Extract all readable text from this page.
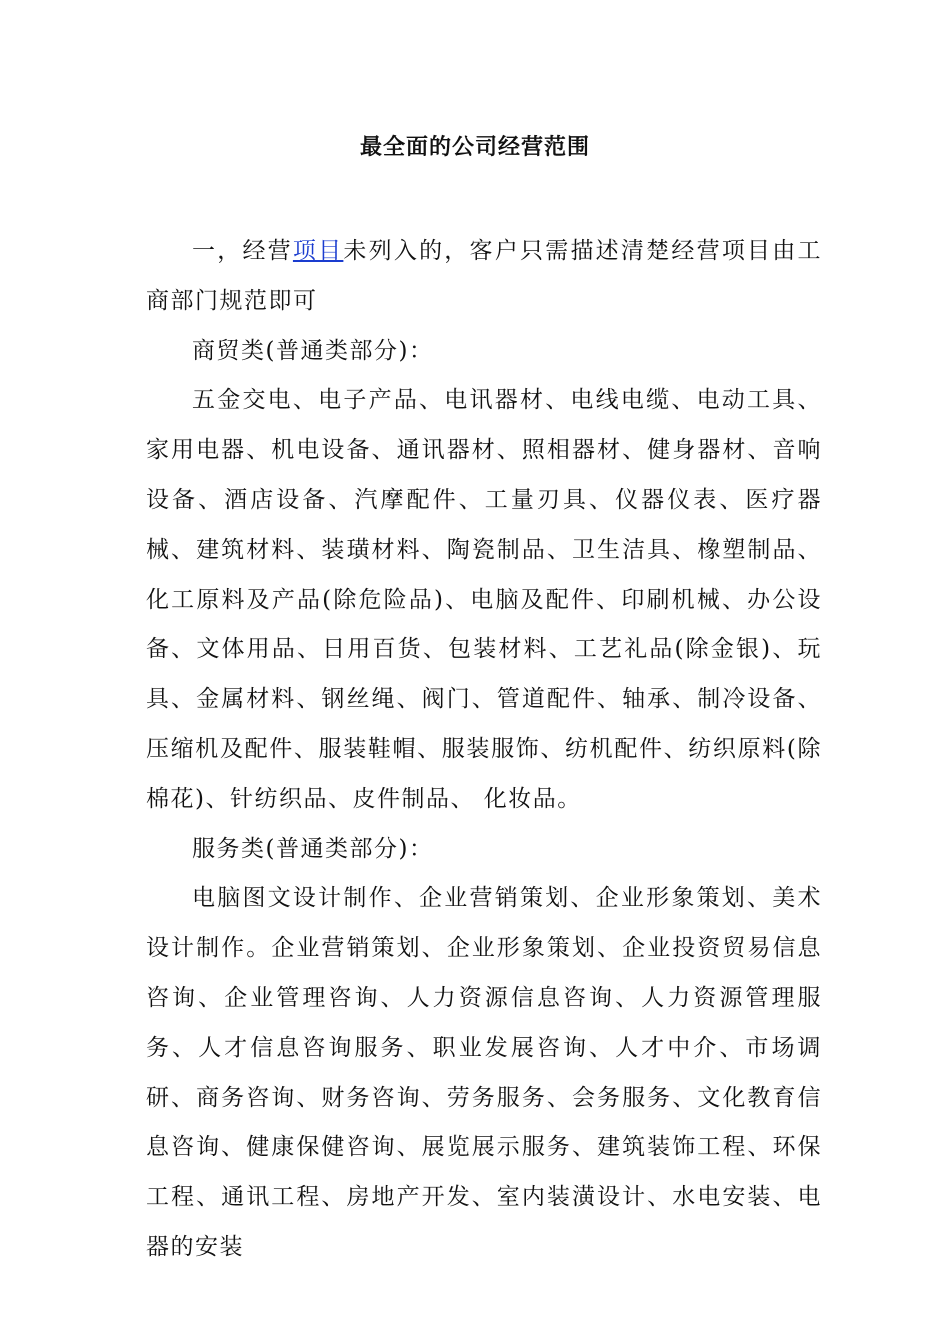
最全面的公司经营范围

一，经营项目未列入的，客户只需描述清楚经营项目由工商部门规范即可

商贸类(普通类部分)：

五金交电、电子产品、电讯器材、电线电缆、电动工具、家用电器、机电设备、通讯器材、照相器材、健身器材、音响设备、酒店设备、汽摩配件、工量刃具、仪器仪表、医疗器械、建筑材料、装璜材料、陶瓷制品、卫生洁具、橡塑制品、化工原料及产品(除危险品)、电脑及配件、印刷机械、办公设备、文体用品、日用百货、包装材料、工艺礼品(除金银)、玩具、金属材料、钢丝绳、阀门、管道配件、轴承、制冷设备、压缩机及配件、服装鞋帽、服装服饰、纺机配件、纺织原料(除棉花)、针纺织品、皮件制品、 化妆品。

服务类(普通类部分)：

电脑图文设计制作、企业营销策划、企业形象策划、美术设计制作。企业营销策划、企业形象策划、企业投资贸易信息咨询、企业管理咨询、人力资源信息咨询、人力资源管理服务、人才信息咨询服务、职业发展咨询、人才中介、市场调研、商务咨询、财务咨询、劳务服务、会务服务、文化教育信息咨询、健康保健咨询、展览展示服务、建筑装饰工程、环保工程、通讯工程、房地产开发、室内装潢设计、水电安装、电器的安装
